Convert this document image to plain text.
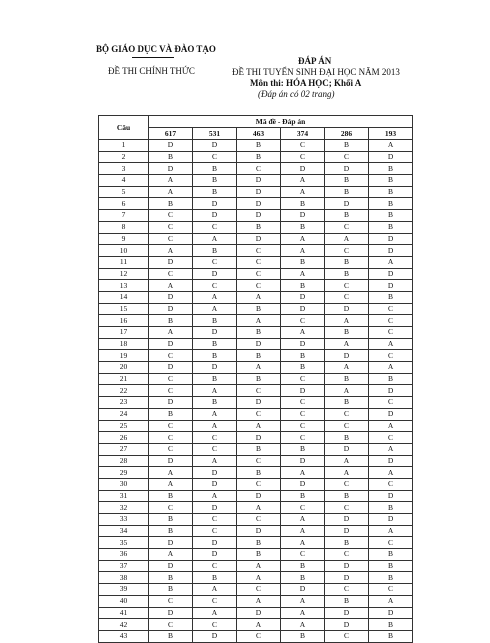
BỘ GIÁO DỤC VÀ ĐÀO TẠO
ĐỀ THI CHÍNH THỨC
ĐÁP ÁN
ĐỀ THI TUYỂN SINH ĐẠI HỌC NĂM 2013
Môn thi: HÓA HỌC; Khối A
(Đáp án có 02 trang)
Câu	Mã đề - Đáp án					
	617	531	463	374	286	193
1	D	D	B	C	B	A
2	B	C	B	C	C	D
3	D	B	C	D	D	B
4	A	B	D	A	B	B
5	A	B	D	A	B	B
6	B	D	D	B	D	B
7	C	D	D	D	B	B
8	C	C	B	B	C	B
9	C	A	D	A	A	D
10	A	B	C	A	C	D
11	D	C	C	B	B	A
12	C	D	C	A	B	D
13	A	C	C	B	C	D
14	D	A	A	D	C	B
15	D	A	B	D	D	C
16	B	B	A	C	A	C
17	A	D	B	A	B	C
18	D	B	D	D	A	A
19	C	B	B	B	D	C
20	D	D	A	B	A	A
21	C	B	B	C	B	B
22	C	A	C	D	A	D
23	D	B	D	C	B	C
24	B	A	C	C	C	D
25	C	A	A	C	C	A
26	C	C	D	C	B	C
27	C	C	B	B	D	A
28	D	A	C	D	A	D
29	A	D	B	A	A	A
30	A	D	C	D	C	C
31	B	A	D	B	B	D
32	C	D	A	C	C	B
33	B	C	C	A	D	D
34	B	C	D	A	D	A
35	D	D	B	A	B	C
36	A	D	B	C	C	B
37	D	C	A	B	D	B
38	B	B	A	B	D	B
39	B	A	C	D	C	C
40	C	C	A	A	B	A
41	D	A	D	A	D	D
42	C	C	A	A	D	B
43	B	D	C	B	C	B
